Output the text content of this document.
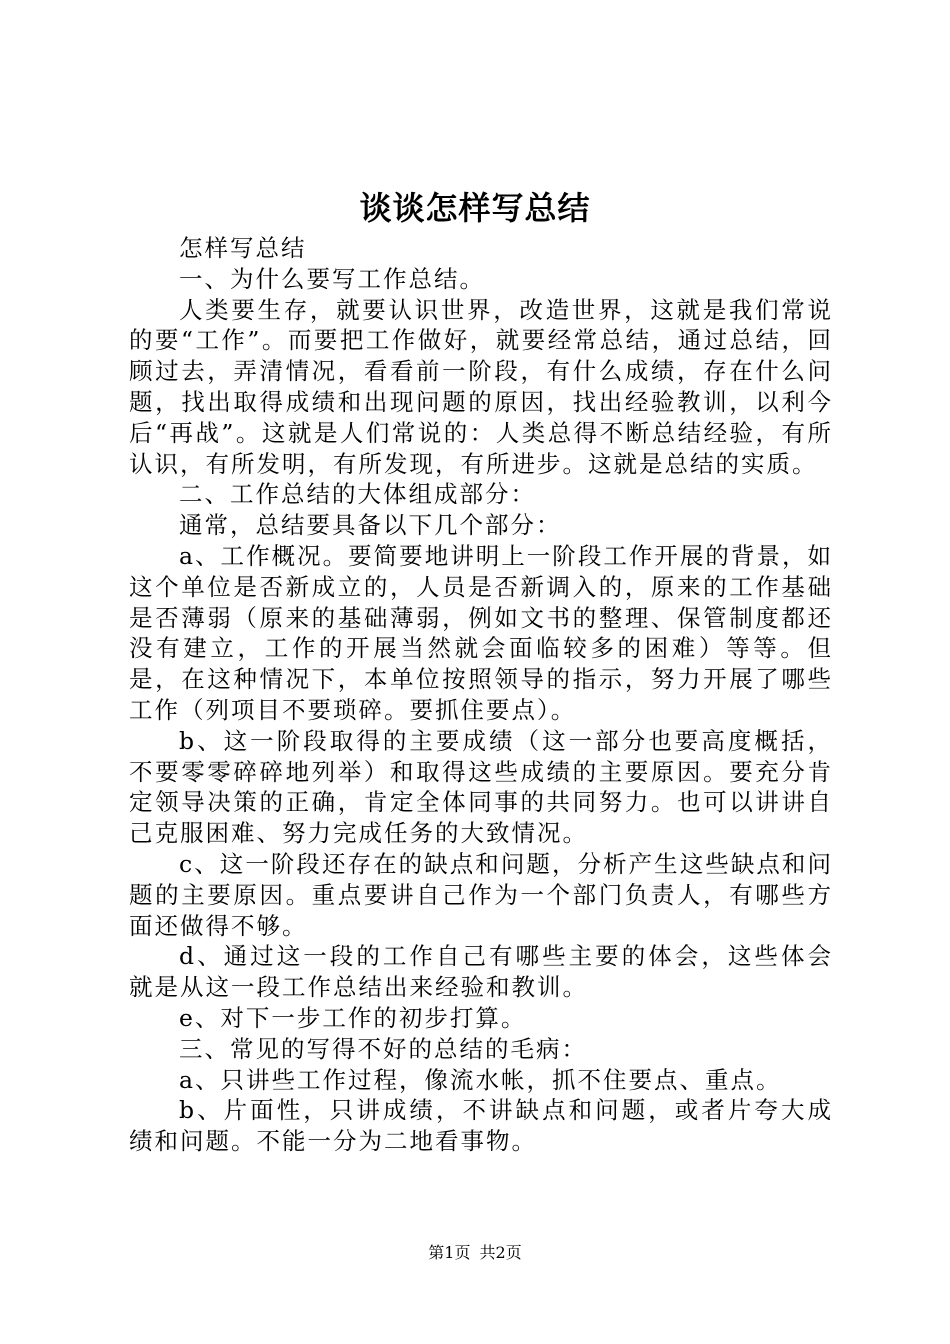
谈谈怎样写总结

怎样写总结

一、为什么要写工作总结。

人类要生存，就要认识世界，改造世界，这就是我们常说的要“工作”。而要把工作做好，就要经常总结，通过总结，回顾过去，弄清情况，看看前一阶段，有什么成绩，存在什么问题，找出取得成绩和出现问题的原因，找出经验教训，以利今后“再战”。这就是人们常说的：人类总得不断总结经验，有所认识，有所发明，有所发现，有所进步。这就是总结的实质。

二、工作总结的大体组成部分：

通常，总结要具备以下几个部分：

a、工作概况。要简要地讲明上一阶段工作开展的背景，如这个单位是否新成立的，人员是否新调入的，原来的工作基础是否薄弱（原来的基础薄弱，例如文书的整理、保管制度都还没有建立，工作的开展当然就会面临较多的困难）等等。但是，在这种情况下，本单位按照领导的指示，努力开展了哪些工作（列项目不要琐碎。要抓住要点）。

b、这一阶段取得的主要成绩（这一部分也要高度概括，不要零零碎碎地列举）和取得这些成绩的主要原因。要充分肯定领导决策的正确，肯定全体同事的共同努力。也可以讲讲自己克服困难、努力完成任务的大致情况。

c、这一阶段还存在的缺点和问题，分析产生这些缺点和问题的主要原因。重点要讲自己作为一个部门负责人，有哪些方面还做得不够。

d、通过这一段的工作自己有哪些主要的体会，这些体会就是从这一段工作总结出来经验和教训。

e、对下一步工作的初步打算。

三、常见的写得不好的总结的毛病：

a、只讲些工作过程，像流水帐，抓不住要点、重点。

b、片面性，只讲成绩，不讲缺点和问题，或者片夸大成绩和问题。不能一分为二地看事物。

第1页 共2页
